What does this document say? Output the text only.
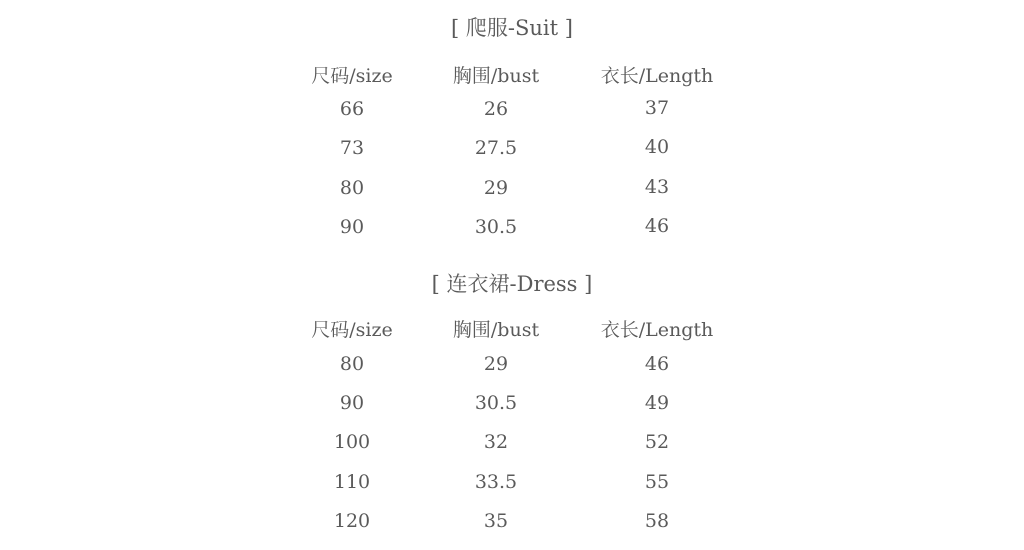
[ 爬服-Suit ]
尺码/size	胸围/bust	衣长/Length
66	26	37
73	27.5	40
80	29	43
90	30.5	46
[ 连衣裙-Dress ]
尺码/size	胸围/bust	衣长/Length
80	29	46
90	30.5	49
100	32	52
110	33.5	55
120	35	58
